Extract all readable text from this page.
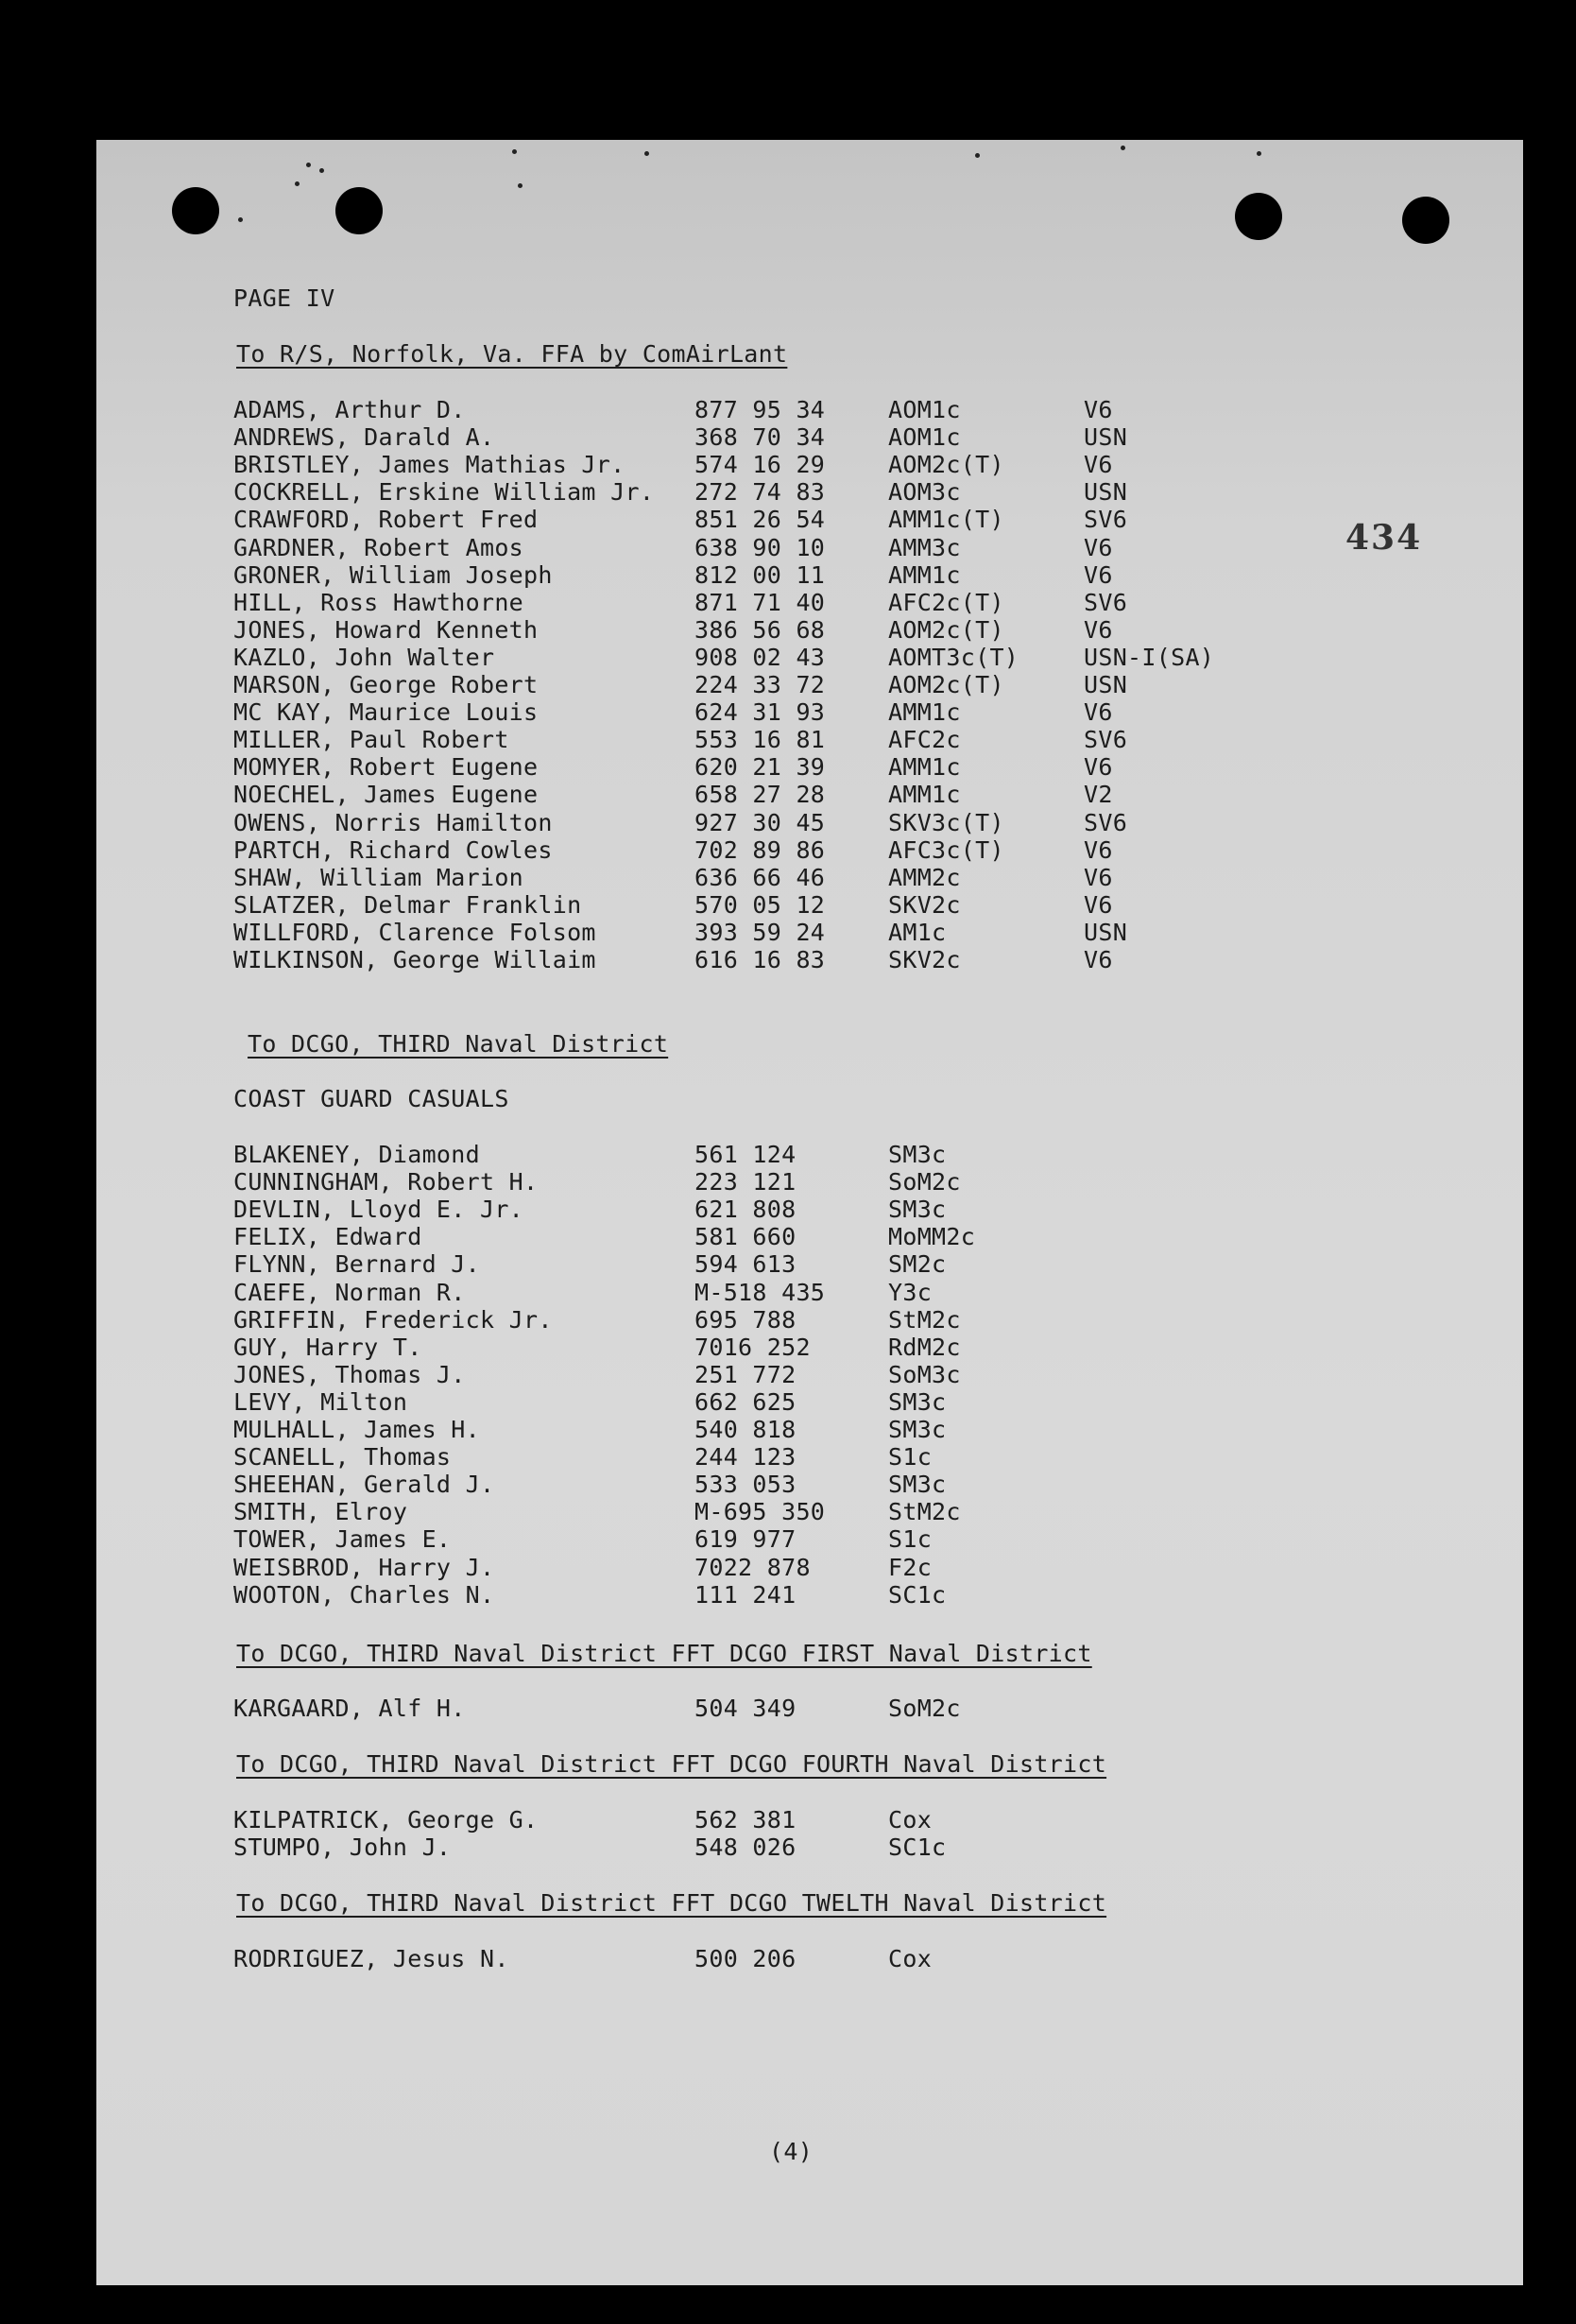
PAGE IV
434
To R/S, Norfolk, Va. FFA by ComAirLant
ADAMS, Arthur D.	877 95 34	AOM1c	V6
ANDREWS, Darald A.	368 70 34	AOM1c	USN
BRISTLEY, James Mathias Jr.	574 16 29	AOM2c(T)	V6
COCKRELL, Erskine William Jr. 272 74 83	AOM3c	USN
CRAWFORD, Robert Fred	851 26 54	AMM1c(T)	SV6
GARDNER, Robert Amos	638 90 10	AMM3c	V6
GRONER, William Joseph	812 00 11	AMM1c	V6
HILL, Ross Hawthorne	871 71 40	AFC2c(T)	SV6
JONES, Howard Kenneth	386 56 68	AOM2c(T)	V6
KAZLO, John Walter	908 02 43	AOMT3c(T)	USN-I(SA)
MARSON, George Robert	224 33 72	AOM2c(T)	USN
MC KAY, Maurice Louis	624 31 93	AMM1c	V6
MILLER, Paul Robert	553 16 81	AFC2c	SV6
MOMYER, Robert Eugene	620 21 39	AMM1c	V6
NOECHEL, James Eugene	658 27 28	AMM1c	V2
OWENS, Norris Hamilton	927 30 45	SKV3c(T)	SV6
PARTCH, Richard Cowles	702 89 86	AFC3c(T)	V6
SHAW, William Marion	636 66 46	AMM2c	V6
SLATZER, Delmar Franklin	570 05 12	SKV2c	V6
WILLFORD, Clarence Folsom	393 59 24	AM1c	USN
WILKINSON, George Willaim	616 16 83	SKV2c	V6
To DCGO, THIRD Naval District
COAST GUARD CASUALS
BLAKENEY, Diamond	561 124	SM3c
CUNNINGHAM, Robert H.	223 121	SoM2c
DEVLIN, Lloyd E. Jr.	621 808	SM3c
FELIX, Edward	581 660	MoMM2c
FLYNN, Bernard J.	594 613	SM2c
CAEFE, Norman R.	M-518 435	Y3c
GRIFFIN, Frederick Jr.	695 788	StM2c
GUY, Harry T.	7016 252	RdM2c
JONES, Thomas J.	251 772	SoM3c
LEVY, Milton	662 625	SM3c
MULHALL, James H.	540 818	SM3c
SCANELL, Thomas	244 123	S1c
SHEEHAN, Gerald J.	533 053	SM3c
SMITH, Elroy	M-695 350	StM2c
TOWER, James E.	619 977	S1c
WEISBROD, Harry J.	7022 878	F2c
WOOTON, Charles N.	111 241	SC1c
To DCGO, THIRD Naval District FFT DCGO FIRST Naval District
KARGAARD, Alf H.	504 349	SoM2c
To DCGO, THIRD Naval District FFT DCGO FOURTH Naval District
KILPATRICK, George G.	562 381	Cox
STUMPO, John J.	548 026	SC1c
To DCGO, THIRD Naval District FFT DCGO TWELTH Naval District
RODRIGUEZ, Jesus N.	500 206	Cox
(4)
